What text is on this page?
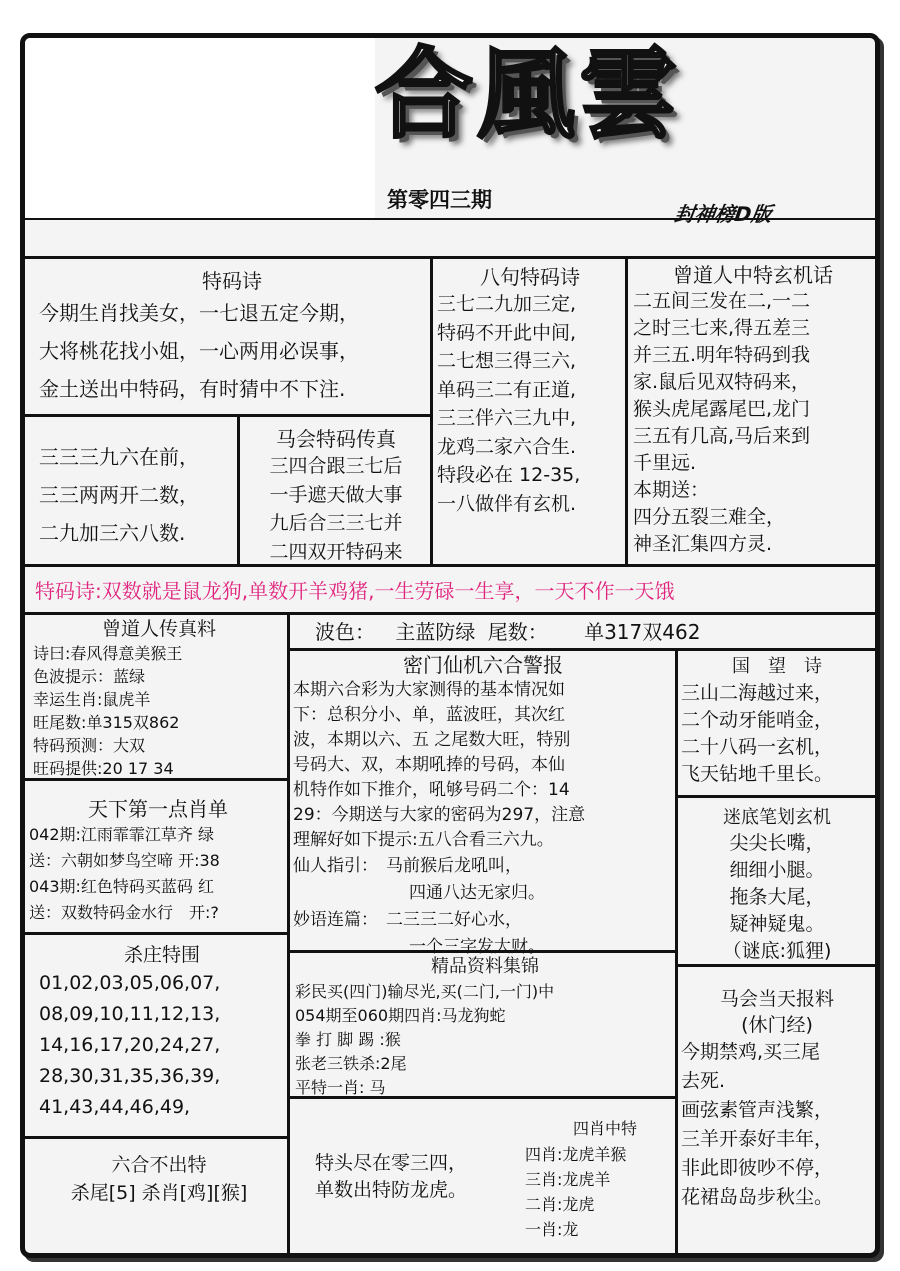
合風雲
第零四三期
封神榜D版
特码诗
今期生肖找美女，一七退五定今期，
大将桃花找小姐，一心两用必误事，
金土送出中特码，有时猜中不下注.
三三三九六在前，
三三两两开二数，
二九加三六八数.
马会特码传真
三四合跟三七后
一手遮天做大事
九后合三三七并
二四双开特码来
八句特码诗
三七二九加三定,
特码不开此中间,
二七想三得三六,
单码三二有正道,
三三伴六三九中,
龙鸡二家六合生.
特段必在 12-35,
一八做伴有玄机.
曾道人中特玄机话
二五间三发在二,一二
之时三七来,得五差三
并三五.明年特码到我
家.鼠后见双特码来，
猴头虎尾露尾巴,龙门
三五有几高,马后来到
千里远.
本期送：
四分五裂三难全，
神圣汇集四方灵.
特码诗:双数就是鼠龙狗,单数开羊鸡猪,一生劳碌一生享，一天不作一天饿
曾道人传真料
诗曰:春风得意美猴王
色波提示：蓝绿
幸运生肖:鼠虎羊
旺尾数:单315双862
特码预测：大双
旺码提供:20 17 34
波色： 主蓝防绿 尾数： 单317双462
密门仙机六合警报
本期六合彩为大家测得的基本情况如
下：总积分小、单，蓝波旺，其次红
波，本期以六、五 之尾数大旺，特别
号码大、双，本期吼捧的号码，本仙
机特作如下推介，吼够号码二个：14
29：今期送与大家的密码为297，注意
理解好如下提示:五八合看三六九。
仙人指引： 马前猴后龙吼叫，
四通八达无家归。
妙语连篇： 二三三二好心水，
一个三字发大财。
国　望　诗
三山二海越过来，
二个动牙能哨金，
二十八码一玄机，
飞天钻地千里长。
天下第一点肖单
042期:江雨霏霏江草齐 绿
送：六朝如梦鸟空啼 开:38
043期:红色特码买蓝码 红
送：双数特码金水行　开:?
迷底笔划玄机
尖尖长嘴，
细细小腿。
拖条大尾，
疑神疑鬼。
（谜底:狐狸)
杀庄特围
01,02,03,05,06,07,
08,09,10,11,12,13,
14,16,17,20,24,27,
28,30,31,35,36,39,
41,43,44,46,49,
精品资料集锦
彩民买(四门)输尽光,买(二门,一门)中
054期至060期四肖:马龙狗蛇
拳 打 脚 踢 :猴
张老三铁杀:2尾
平特一肖: 马
马会当天报料
(休门经)
今期禁鸡,买三尾
去死.
画弦素管声浅繁，
三羊开泰好丰年，
非此即彼吵不停，
花裙岛岛步秋尘。
六合不出特
杀尾[5] 杀肖[鸡][猴]
特头尽在零三四，
单数出特防龙虎。
四肖中特
四肖:龙虎羊猴
三肖:龙虎羊
二肖:龙虎
一肖:龙
